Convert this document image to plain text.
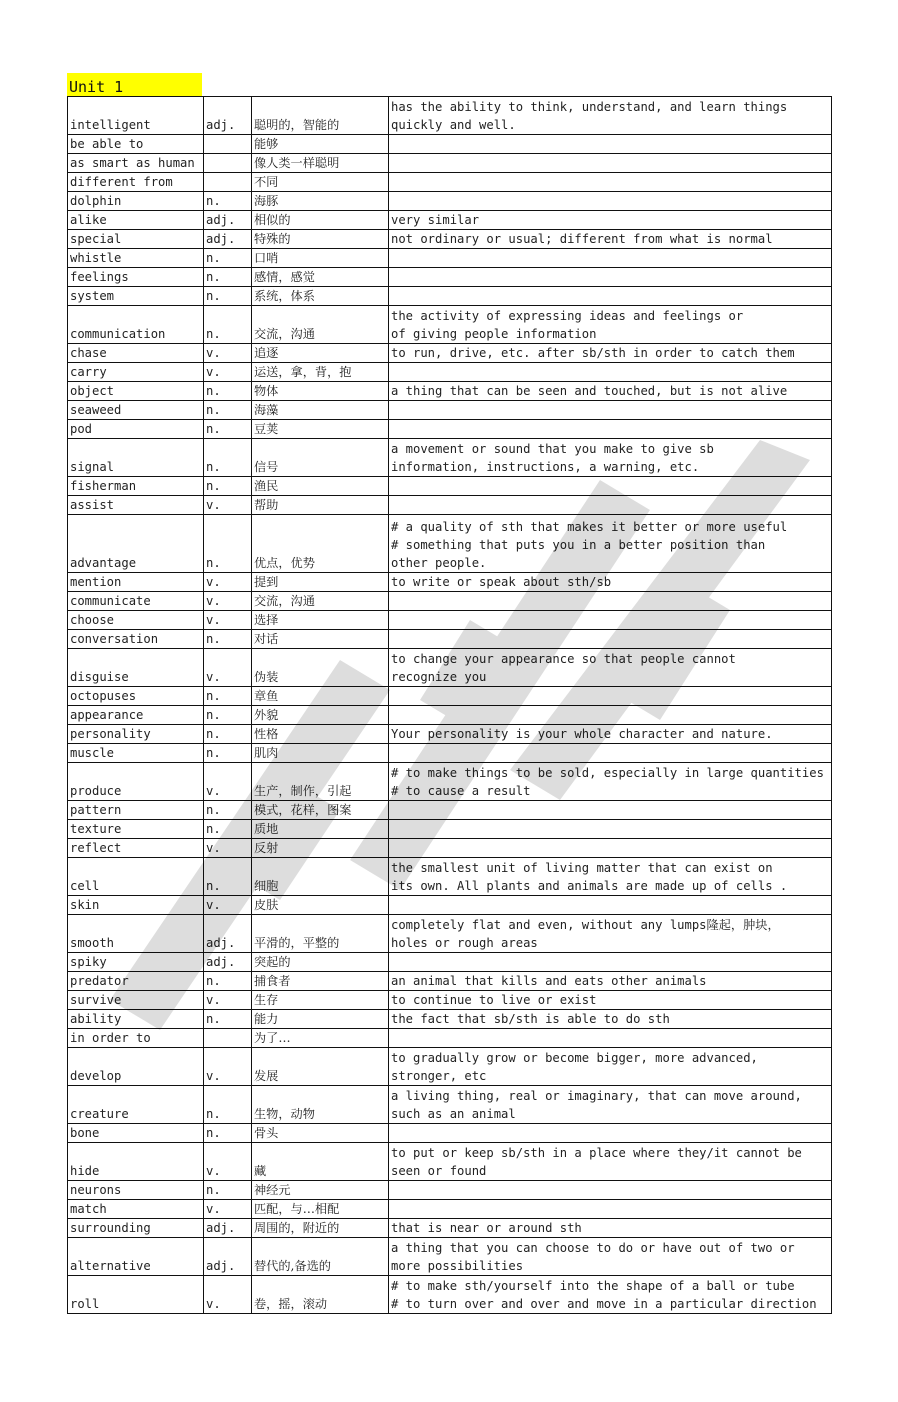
Unit 1
intelligent	adj.	聪明的，智能的	has the ability to think, understand, and learn things
quickly and well.
be able to		能够	
as smart as human		像人类一样聪明	
different from		不同	
dolphin	n.	海豚	
alike	adj.	相似的	very similar
special	adj.	特殊的	not ordinary or usual; different from what is normal
whistle	n.	口哨	
feelings	n.	感情，感觉	
system	n.	系统，体系	
communication	n.	交流，沟通	the activity of expressing ideas and feelings or
of giving people information
chase	v.	追逐	to run, drive, etc. after sb/sth in order to catch them
carry	v.	运送，拿，背，抱	
object	n.	物体	a thing that can be seen and touched, but is not alive
seaweed	n.	海藻	
pod	n.	豆荚	
signal	n.	信号	a movement or sound that you make to give sb
information, instructions, a warning, etc.
fisherman	n.	渔民	
assist	v.	帮助	
advantage	n.	优点，优势	# a quality of sth that makes it better or more useful
# something that puts you in a better position than
other people.
mention	v.	提到	to write or speak about sth/sb
communicate	v.	交流，沟通	
choose	v.	选择	
conversation	n.	对话	
disguise	v.	伪装	to change your appearance so that people cannot
recognize you
octopuses	n.	章鱼	
appearance	n.	外貌	
personality	n.	性格	Your personality is your whole character and nature.
muscle	n.	肌肉	
produce	v.	生产，制作，引起	# to make things to be sold, especially in large quantities
# to cause a result
pattern	n.	模式，花样，图案	
texture	n.	质地	
reflect	v.	反射	
cell	n.	细胞	the smallest unit of living matter that can exist on
its own. All plants and animals are made up of cells .
skin	v.	皮肤	
smooth	adj.	平滑的，平整的	completely flat and even, without any lumps隆起，肿块，
holes or rough areas
spiky	adj.	突起的	
predator	n.	捕食者	an animal that kills and eats other animals
survive	v.	生存	to continue to live or exist
ability	n.	能力	the fact that sb/sth is able to do sth
in order to		为了…	
develop	v.	发展	to gradually grow or become bigger, more advanced,
stronger, etc
creature	n.	生物，动物	a living thing, real or imaginary, that can move around,
such as an animal
bone	n.	骨头	
hide	v.	藏	to put or keep sb/sth in a place where they/it cannot be
seen or found
neurons	n.	神经元	
match	v.	匹配，与…相配	
surrounding	adj.	周围的，附近的	that is near or around sth
alternative	adj.	替代的,备选的	a thing that you can choose to do or have out of two or
more possibilities
roll	v.	卷，摇，滚动	# to make sth/yourself into the shape of a ball or tube
# to turn over and over and move in a particular direction
